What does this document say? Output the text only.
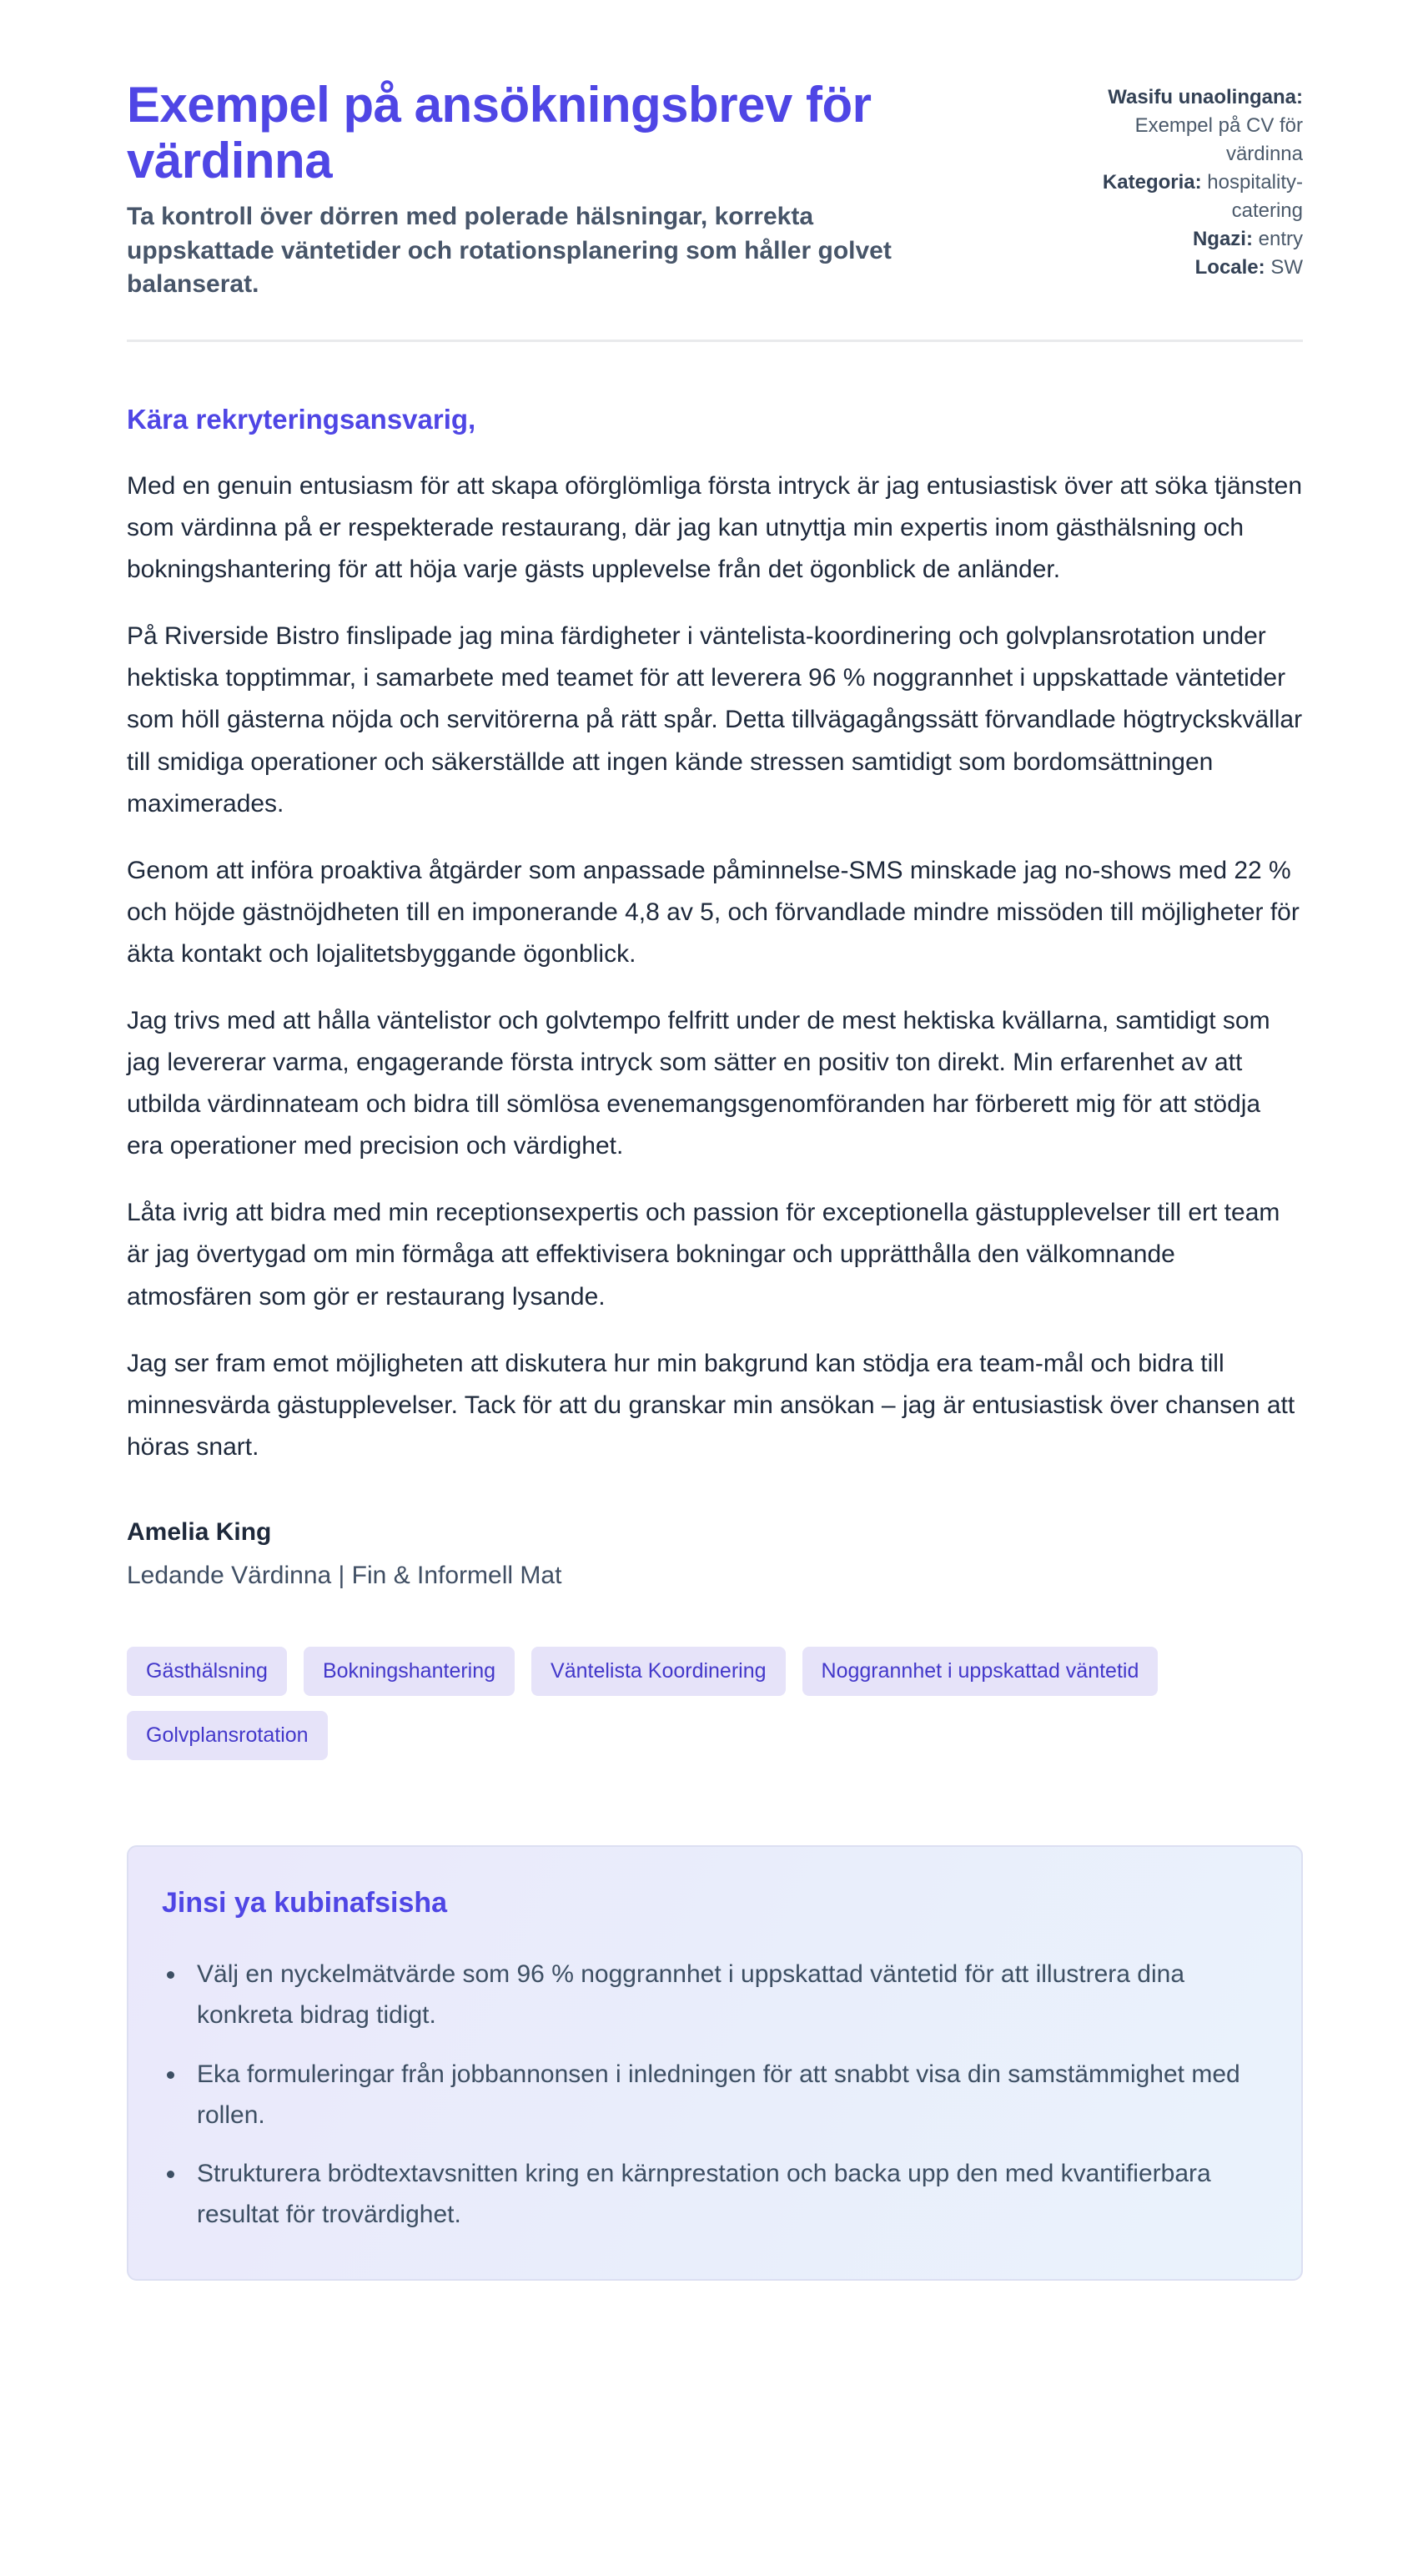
Exempel på ansökningsbrev för värdinna
Ta kontroll över dörren med polerade hälsningar, korrekta uppskattade väntetider och rotationsplanering som håller golvet balanserat.
Wasifu unaolingana: Exempel på CV för värdinna
Kategoria: hospitality-catering
Ngazi: entry
Locale: SW
Kära rekryteringsansvarig,

Med en genuin entusiasm för att skapa oförglömliga första intryck är jag entusiastisk över att söka tjänsten som värdinna på er respekterade restaurang, där jag kan utnyttja min expertis inom gästhälsning och bokningshantering för att höja varje gästs upplevelse från det ögonblick de anländer.

På Riverside Bistro finslipade jag mina färdigheter i väntelista-koordinering och golvplansrotation under hektiska topptimmar, i samarbete med teamet för att leverera 96 % noggrannhet i uppskattade väntetider som höll gästerna nöjda och servitörerna på rätt spår. Detta tillvägagångssätt förvandlade högtryckskvällar till smidiga operationer och säkerställde att ingen kände stressen samtidigt som bordomsättningen maximerades.

Genom att införa proaktiva åtgärder som anpassade påminnelse-SMS minskade jag no-shows med 22 % och höjde gästnöjdheten till en imponerande 4,8 av 5, och förvandlade mindre missöden till möjligheter för äkta kontakt och lojalitetsbyggande ögonblick.

Jag trivs med att hålla väntelistor och golvtempo felfritt under de mest hektiska kvällarna, samtidigt som jag levererar varma, engagerande första intryck som sätter en positiv ton direkt. Min erfarenhet av att utbilda värdinnateam och bidra till sömlösa evenemangsgenomföranden har förberett mig för att stödja era operationer med precision och värdighet.

Låta ivrig att bidra med min receptionsexpertis och passion för exceptionella gästupplevelser till ert team är jag övertygad om min förmåga att effektivisera bokningar och upprätthålla den välkomnande atmosfären som gör er restaurang lysande.

Jag ser fram emot möjligheten att diskutera hur min bakgrund kan stödja era team-mål och bidra till minnesvärda gästupplevelser. Tack för att du granskar min ansökan – jag är entusiastisk över chansen att höras snart.

Amelia King
Ledande Värdinna | Fin & Informell Mat
Gästhälsning	Bokningshantering	Väntelista Koordinering	Noggrannhet i uppskattad väntetid
Golvplansrotation
Jinsi ya kubinafsisha
• Välj en nyckelmätvärde som 96 % noggrannhet i uppskattad väntetid för att illustrera dina konkreta bidrag tidigt.
• Eka formuleringar från jobbannonsen i inledningen för att snabbt visa din samstämmighet med rollen.
• Strukturera brödtextavsnitten kring en kärnprestation och backa upp den med kvantifierbara resultat för trovärdighet.
